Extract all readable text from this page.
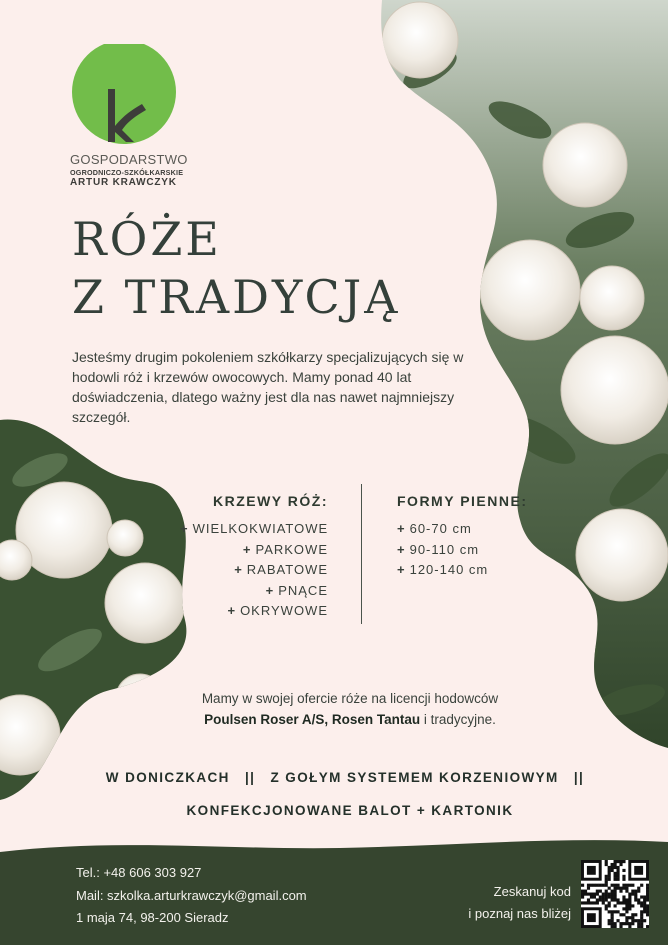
GOSPODARSTWO
OGRODNICZO-SZKÓŁKARSKIE
ARTUR KRAWCZYK
RÓŻE
Z TRADYCJĄ
Jesteśmy drugim pokoleniem szkółkarzy specjalizujących się w hodowli róż i krzewów owocowych. Mamy ponad 40 lat doświadczenia, dlatego ważny jest dla nas nawet najmniejszy szczegół.
KRZEWY RÓŻ:
+ WIELKOKWIATOWE
+ PARKOWE
+ RABATOWE
+ PNĄCE
+ OKRYWOWE
FORMY PIENNE:
+ 60-70 cm
+ 90-110 cm
+ 120-140 cm
Mamy w swojej ofercie róże na licencji hodowców
Poulsen Roser A/S, Rosen Tantau i tradycyjne.
W DONICZKACH || Z GOŁYM SYSTEMEM KORZENIOWYM ||
KONFEKCJONOWANE BALOT + KARTONIK
Tel.: +48 606 303 927
Mail: szkolka.arturkrawczyk@gmail.com
1 maja 74, 98-200 Sieradz
Zeskanuj kod
i poznaj nas bliżej
